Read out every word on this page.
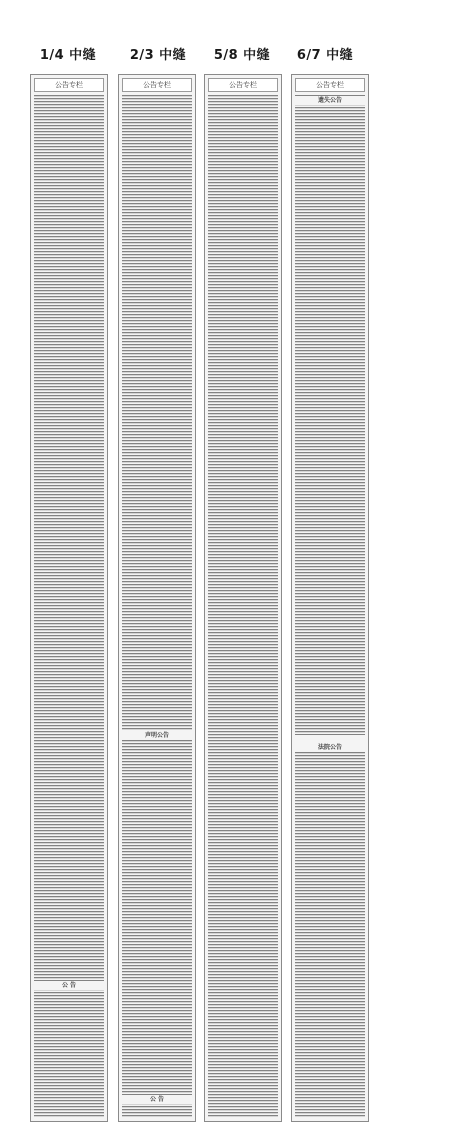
1/4 中缝
公告专栏
公 告
2/3 中缝
公告专栏
声明公告
公 告
5/8 中缝
公告专栏
6/7 中缝
公告专栏
遗失公告
法院公告
